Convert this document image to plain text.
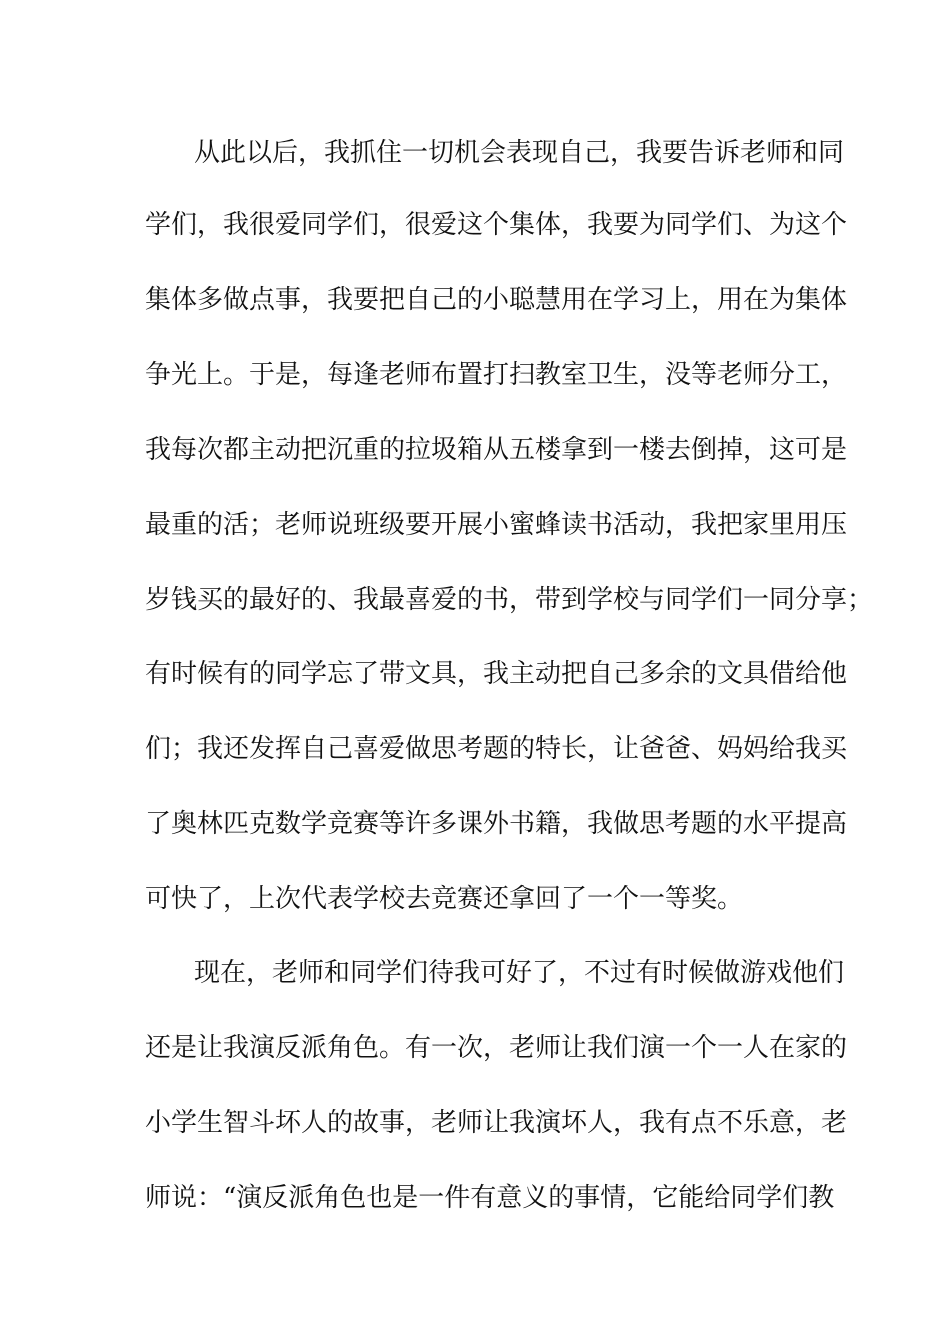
从此以后，我抓住一切机会表现自己，我要告诉老师和同
学们，我很爱同学们，很爱这个集体，我要为同学们、为这个
集体多做点事，我要把自己的小聪慧用在学习上，用在为集体
争光上。于是，每逢老师布置打扫教室卫生，没等老师分工，
我每次都主动把沉重的拉圾箱从五楼拿到一楼去倒掉，这可是
最重的活；老师说班级要开展小蜜蜂读书活动，我把家里用压
岁钱买的最好的、我最喜爱的书，带到学校与同学们一同分享；
有时候有的同学忘了带文具，我主动把自己多余的文具借给他
们；我还发挥自己喜爱做思考题的特长，让爸爸、妈妈给我买
了奥林匹克数学竞赛等许多课外书籍，我做思考题的水平提高
可快了，上次代表学校去竞赛还拿回了一个一等奖。
现在，老师和同学们待我可好了，不过有时候做游戏他们
还是让我演反派角色。有一次，老师让我们演一个一人在家的
小学生智斗坏人的故事，老师让我演坏人，我有点不乐意，老
师说：“演反派角色也是一件有意义的事情，它能给同学们教
